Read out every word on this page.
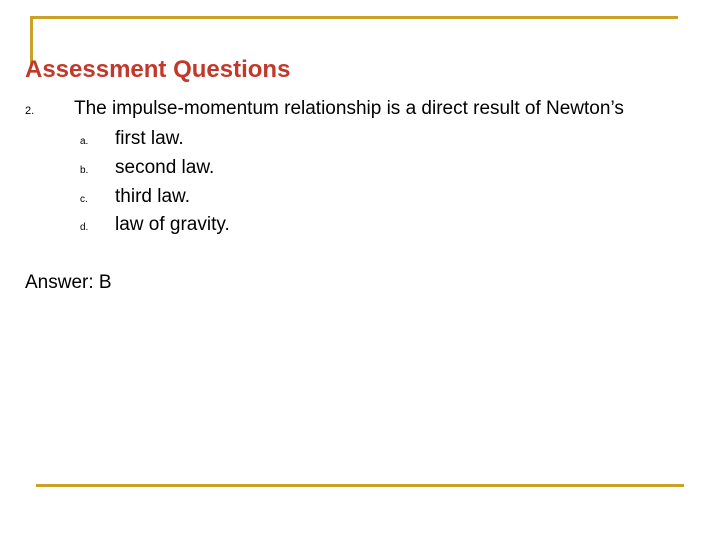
Assessment Questions
2. The impulse-momentum relationship is a direct result of Newton’s
a. first law.
b. second law.
c. third law.
d. law of gravity.
Answer: B
